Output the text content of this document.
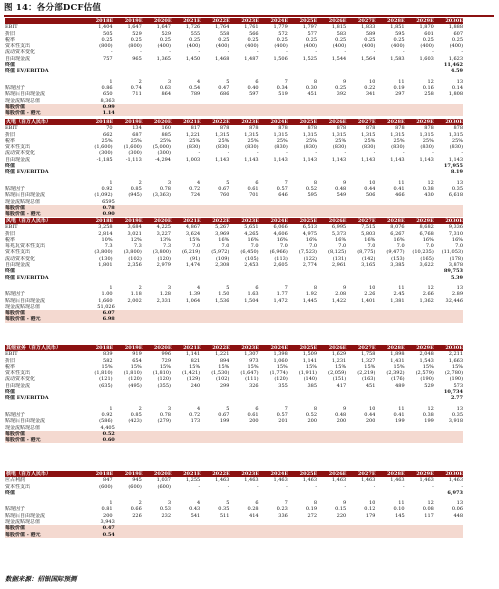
图 14：各分部DCF估值
2018E	2019E	2020E	2021E	2022E	2023E	2024E	2025E	2026E	2027E	2028E	2029E	2030E
EBIT	1,404	1,647	1,647	1,726	1,764	1,761	1,779	1,797	1,815	1,833	1,851	1,870	1,888
折旧	505	529	529	555	558	566	572	577	583	589	595	601	607
税率	0.25	0.25	0.25	0.25	0.25	0.25	0.25	0.25	0.25	0.25	0.25	0.25	0.25
资本性支出	(800)	(800)	(400)	(400)	(400)	(400)	(400)	(400)	(400)	(400)	(400)	(400)	(400)
流动资本变化	-	-	-	-	-	-	-	-	-	-	-	-	-
自由现金流	757	965	1,365	1,450	1,468	1,487	1,506	1,525	1,544	1,564	1,583	1,603	1,623
终值	11,462
终值 EV/EBITDA	4.59
1	2	3	4	5	6	7	8	9	10	11	12	13
贴现因子	0.86	0.74	0.63	0.54	0.47	0.40	0.34	0.30	0.25	0.22	0.19	0.16	0.14
贴现后自由现金流	650	711	864	789	686	597	519	451	392	341	297	258	1,808
现金流贴现总值	8,363
每股价值	0.99
每股价值 - 港元	1.14
火电（百万人民币）	2018E	2019E	2020E	2021E	2022E	2023E	2024E	2025E	2026E	2027E	2028E	2029E	2030E
EBIT	70	134	160	817	878	878	878	878	878	878	878	878	878
折旧	662	687	885	1,221	1,315	1,315	1,315	1,315	1,315	1,315	1,315	1,315	1,315
税率	25%	25%	25%	25%	25%	25%	25%	25%	25%	25%	25%	25%	25%
资本性支出	(1,600)	(1,600)	(5,000)	(830)	(830)	(830)	(830)	(830)	(830)	(830)	(830)	(830)	(830)
流动资本变化	(300)	(300)	(300)	-	-	-	-	-	-	-	-	-	-
自由现金流	-1,185	-1,113	-4,294	1,003	1,143	1,143	1,143	1,143	1,143	1,143	1,143	1,143	1,143
终值	17,955
终值 EV/EBITDA	8.19
1	2	3	4	5	6	7	8	9	10	11	12	13
贴现因子	0.92	0.85	0.78	0.72	0.67	0.61	0.57	0.52	0.48	0.44	0.41	0.38	0.35
贴现后自由现金流	(1,092)	(945)	(3,363)	724	760	701	646	595	549	506	466	430	6,618
现金流贴现总值	6595
每股价值	0.78
每股价值 - 港元	0.90
风电（百万人民币）	2018E	2019E	2020E	2021E	2022E	2023E	2024E	2025E	2026E	2027E	2028E	2029E	2030E
EBIT	3,258	3,684	4,225	4,867	5,267	5,651	6,066	6,513	6,995	7,515	8,076	8,682	9,336
折旧	2,814	3,021	3,227	3,624	3,969	4,265	4,606	4,975	5,373	5,803	6,267	6,768	7,310
税率	10%	12%	13%	15%	16%	16%	16%	16%	16%	16%	16%	16%	16%
每兆瓦资本性支出	7.3	7.3	7.3	7.0	7.0	7.0	7.0	7.0	7.0	7.0	7.0	7.0	7.0
资本性支出	(3,800)	(3,800)	(3,800)	(6,219)	(5,972)	(6,450)	(6,966)	(7,523)	(8,125)	(8,775)	(9,477)	(10,235)	(11,053)
流动资本变化	(130)	(102)	(120)	(91)	(109)	(105)	(113)	(122)	(131)	(142)	(153)	(165)	(178)
自由现金流	1,801	2,356	2,979	1,474	2,308	2,453	2,605	2,774	2,961	3,165	3,385	3,622	3,878
终值	89,753
终值 EV/EBITDA	5.39
1	2	3	4	5	6	7	8	9	10	11	12	13
贴现因子	1.00	1.18	1.28	1.39	1.50	1.63	1.77	1.92	2.08	2.26	2.45	2.66	2.89
贴现后自由现金流	1,660	2,002	2,331	1,064	1,536	1,504	1,472	1,445	1,422	1,401	1,381	1,362	32,446
现金流贴现总值	51,026
每股价值	6.07
每股价值 - 港元	6.98
其他业务（百万人民币）	2018E	2019E	2020E	2021E	2022E	2023E	2024E	2025E	2026E	2027E	2028E	2029E	2030E
EBIT	839	919	996	1,141	1,221	1,307	1,398	1,509	1,629	1,758	1,898	2,048	2,211
折旧	582	654	729	821	894	973	1,060	1,141	1,231	1,327	1,431	1,543	1,663
税率	15%	15%	15%	15%	15%	15%	15%	15%	15%	15%	15%	15%	15%
资本性支出	(1,810)	(1,810)	(1,810)	(1,421)	(1,530)	(1,647)	(1,774)	(1,911)	(2,059)	(2,219)	(2,392)	(2,579)	(2,780)
流动资本变化	(121)	(120)	(120)	(129)	(102)	(111)	(120)	(140)	(151)	(163)	(176)	(190)	(190)
自由现金流	(635)	(495)	(355)	240	299	326	355	385	417	451	489	529	573
终值	10,734
终值 EV/EBITDA	2.77
1	2	3	4	5	6	7	8	9	10	11	12	13
贴现因子	0.92	0.85	0.78	0.72	0.67	0.61	0.57	0.52	0.48	0.44	0.41	0.38	0.35
贴现后自由现金流	(586)	(423)	(279)	173	199	200	201	200	200	200	199	199	3,918
现金流贴现总值	4,405
每股价值	0.52
每股价值 - 港元	0.60
核电（百万人民币）	2018E	2019E	2020E	2021E	2022E	2023E	2024E	2025E	2026E	2027E	2028E	2029E	2030E
应占利润	847	945	1,037	1,255	1,463	1,463	1,463	1,463	1,463	1,463	1,463	1,463	1,463
资本性支出	(600)	(600)	(600)	-	-	-	-	-	-	-	-	-	-
终值	6,973
1	2	3	4	5	6	7	8	9	10	11	12	13
贴现因子	0.81	0.66	0.53	0.43	0.35	0.28	0.23	0.19	0.15	0.12	0.10	0.08	0.06
贴现后自由现金流	200	226	232	541	511	414	336	272	220	179	145	117	448
现金流贴现总值	3,943
每股价值	0.47
每股价值 - 港元	0.54
数据来源：招银国际预测
